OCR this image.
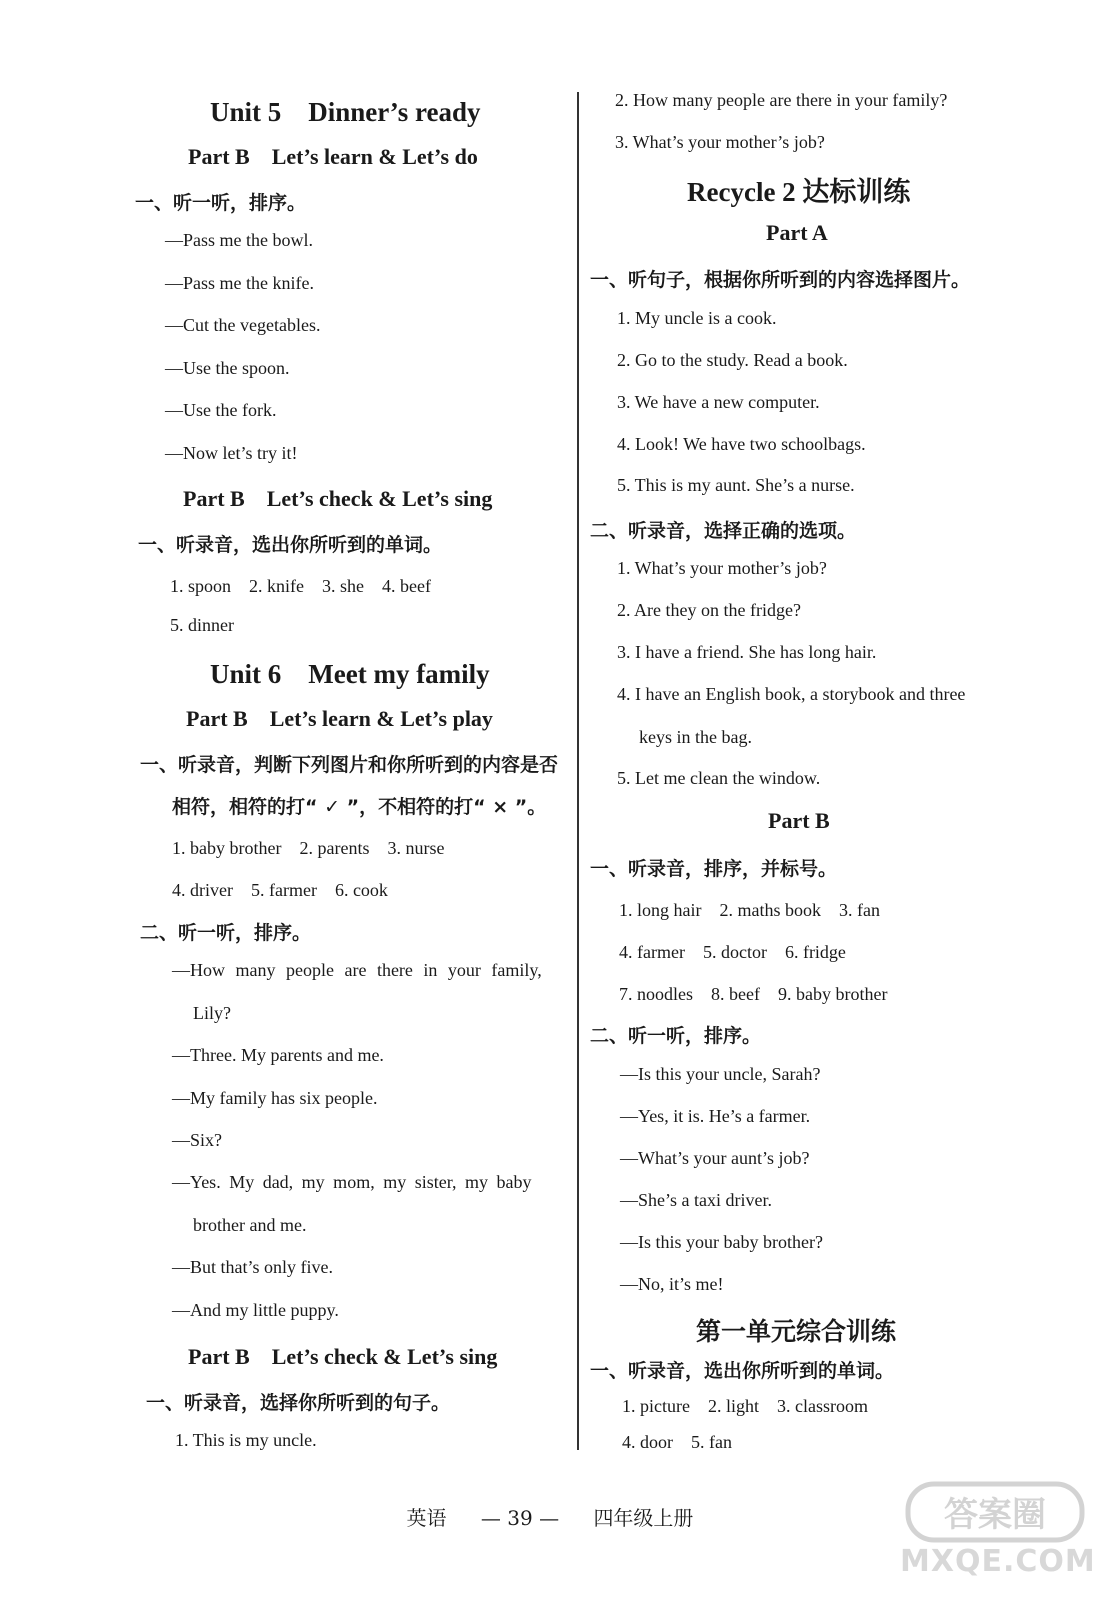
Unit 5　Dinner’s ready
Part B　Let’s learn & Let’s do
一、听一听，排序。
—Pass me the bowl.
—Pass me the knife.
—Cut the vegetables.
—Use the spoon.
—Use the fork.
—Now let’s try it!
Part B　Let’s check & Let’s sing
一、听录音，选出你所听到的单词。
1. spoon　2. knife　3. she　4. beef
5. dinner
Unit 6　Meet my family
Part B　Let’s learn & Let’s play
一、听录音，判断下列图片和你所听到的内容是否
相符，相符的打“ ✓ ”，不相符的打“ × ”。
1. baby brother　2. parents　3. nurse
4. driver　5. farmer　6. cook
二、听一听，排序。
—How many people are there in your family,
Lily?
—Three. My parents and me.
—My family has six people.
—Six?
—Yes. My dad, my mom, my sister, my baby
brother and me.
—But that’s only five.
—And my little puppy.
Part B　Let’s check & Let’s sing
一、听录音，选择你所听到的句子。
1. This is my uncle.
2. How many people are there in your family?
3. What’s your mother’s job?
Recycle 2 达标训练
Part A
一、听句子，根据你所听到的内容选择图片。
1. My uncle is a cook.
2. Go to the study. Read a book.
3. We have a new computer.
4. Look! We have two schoolbags.
5. This is my aunt. She’s a nurse.
二、听录音，选择正确的选项。
1. What’s your mother’s job?
2. Are they on the fridge?
3. I have a friend. She has long hair.
4. I have an English book, a storybook and three
keys in the bag.
5. Let me clean the window.
Part B
一、听录音，排序，并标号。
1. long hair　2. maths book　3. fan
4. farmer　5. doctor　6. fridge
7. noodles　8. beef　9. baby brother
二、听一听，排序。
—Is this your uncle, Sarah?
—Yes, it is. He’s a farmer.
—What’s your aunt’s job?
—She’s a taxi driver.
—Is this your baby brother?
—No, it’s me!
第一单元综合训练
一、听录音，选出你所听到的单词。
1. picture　2. light　3. classroom
4. door　5. fan
英语 — 39 — 四年级上册	答案圈
MXQE.COM
